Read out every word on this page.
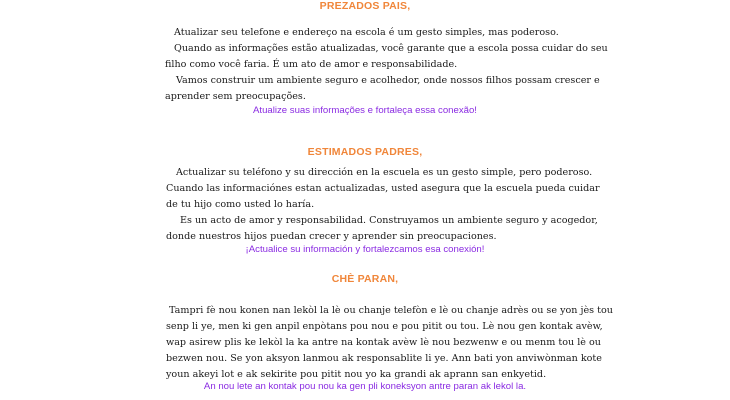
PREZADOS PAIS,
Atualizar seu telefone e endereço na escola é um gesto simples, mas poderoso.
Quando as informações estão atualizadas, você garante que a escola possa cuidar do seu
filho como você faria. É um ato de amor e responsabilidade.
Vamos construir um ambiente seguro e acolhedor, onde nossos filhos possam crescer e
aprender sem preocupações.
Atualize suas informações e fortaleça essa conexão!
ESTIMADOS PADRES,
Actualizar su teléfono y su dirección en la escuela es un gesto simple, pero poderoso.
Cuando las informaciónes estan actualizadas, usted asegura que la escuela pueda cuidar
de tu hijo como usted lo haría.
Es un acto de amor y responsabilidad. Construyamos un ambiente seguro y acogedor,
donde nuestros hijos puedan crecer y aprender sin preocupaciones.
¡Actualice su información y fortalezcamos esa conexión!
CHÈ PARAN,
Tampri fè nou konen nan lekòl la lè ou chanje telefòn e lè ou chanje adrès ou se yon jès tou
senp li ye, men ki gen anpil enpòtans pou nou e pou pitit ou tou. Lè nou gen kontak avèw,
wap asirew plis ke lekòl la ka antre na kontak avèw lè nou bezwenw e ou menm tou lè ou
bezwen nou. Se yon aksyon lanmou ak responsablite li ye. Ann bati yon anviwònman kote
youn akeyi lot e ak sekirite pou pitit nou yo ka grandi ak aprann san enkyetid.
An nou lete an kontak pou nou ka gen pli koneksyon antre paran ak lekol la.
